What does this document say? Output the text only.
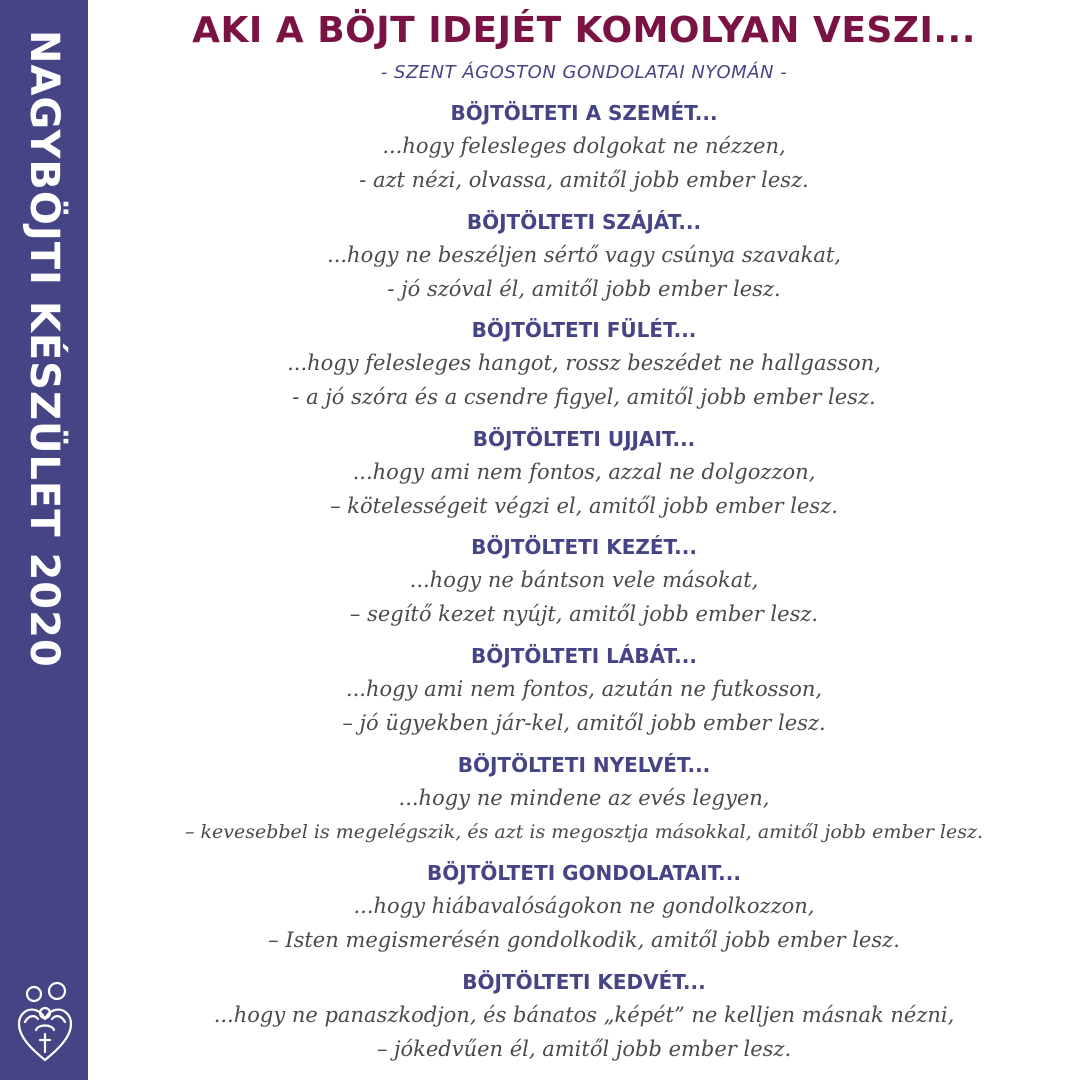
NAGYBÖJTI KÉSZÜLET 2020	AKI A BÖJT IDEJÉT KOMOLYAN VESZI...
- SZENT ÁGOSTON GONDOLATAI NYOMÁN -
BÖJTÖLTETI A SZEMÉT...
...hogy felesleges dolgokat ne nézzen,
- azt nézi, olvassa, amitől jobb ember lesz.
BÖJTÖLTETI SZÁJÁT...
...hogy ne beszéljen sértő vagy csúnya szavakat,
- jó szóval él, amitől jobb ember lesz.
BÖJTÖLTETI FÜLÉT...
...hogy felesleges hangot, rossz beszédet ne hallgasson,
- a jó szóra és a csendre figyel, amitől jobb ember lesz.
BÖJTÖLTETI UJJAIT...
...hogy ami nem fontos, azzal ne dolgozzon,
– kötelességeit végzi el, amitől jobb ember lesz.
BÖJTÖLTETI KEZÉT...
...hogy ne bántson vele másokat,
– segítő kezet nyújt, amitől jobb ember lesz.
BÖJTÖLTETI LÁBÁT...
...hogy ami nem fontos, azután ne futkosson,
– jó ügyekben jár-kel, amitől jobb ember lesz.
BÖJTÖLTETI NYELVÉT...
...hogy ne mindene az evés legyen,
– kevesebbel is megelégszik, és azt is megosztja másokkal, amitől jobb ember lesz.
BÖJTÖLTETI GONDOLATAIT...
...hogy hiábavalóságokon ne gondolkozzon,
– Isten megismerésén gondolkodik, amitől jobb ember lesz.
BÖJTÖLTETI KEDVÉT...
...hogy ne panaszkodjon, és bánatos „képét” ne kelljen másnak nézni,
– jókedvűen él, amitől jobb ember lesz.
